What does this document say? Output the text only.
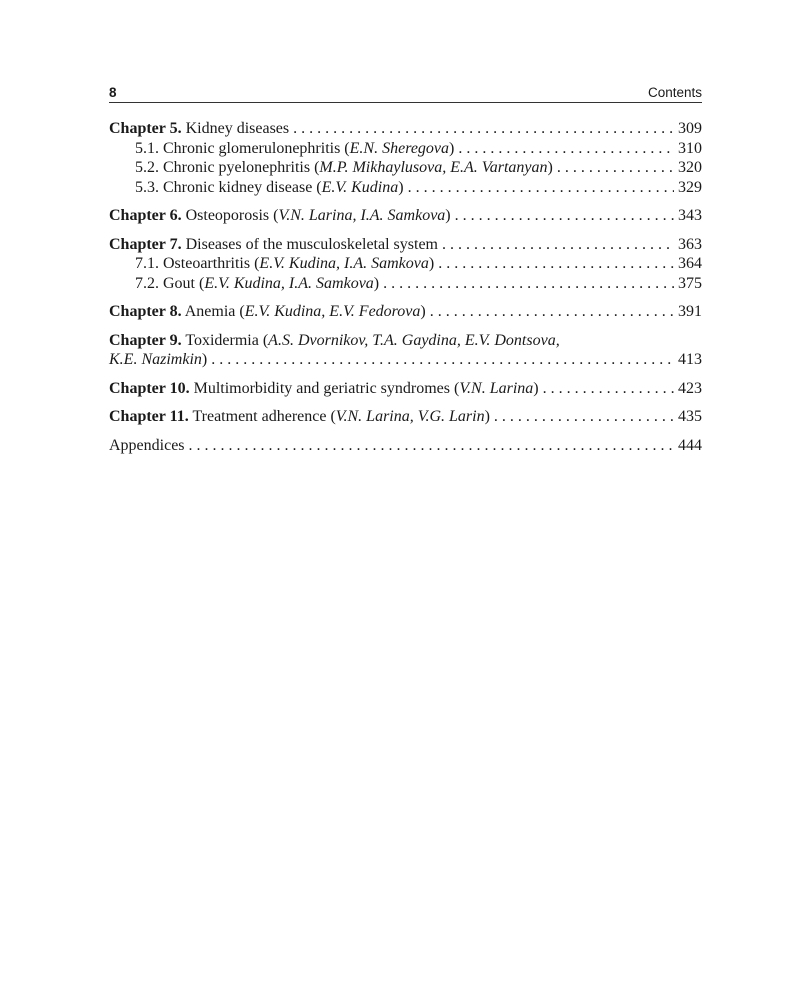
8	Contents
Chapter 5. Kidney diseases . . .	309
5.1. Chronic glomerulonephritis (E.N. Sheregova) . . .	310
5.2. Chronic pyelonephritis (M.P. Mikhaylusova, E.A. Vartanyan) . . .	320
5.3. Chronic kidney disease (E.V. Kudina) . . .	329
Chapter 6. Osteoporosis (V.N. Larina, I.A. Samkova) . . .	343
Chapter 7. Diseases of the musculoskeletal system . . .	363
7.1. Osteoarthritis (E.V. Kudina, I.A. Samkova) . . .	364
7.2. Gout (E.V. Kudina, I.A. Samkova) . . .	375
Chapter 8. Anemia (E.V. Kudina, E.V. Fedorova) . . .	391
Chapter 9. Toxidermia (A.S. Dvornikov, T.A. Gaydina, E.V. Dontsova,
K.E. Nazimkin) . . .	413
Chapter 10. Multimorbidity and geriatric syndromes (V.N. Larina) . . .	423
Chapter 11. Treatment adherence (V.N. Larina, V.G. Larin) . . .	435
Appendices . . .	444
